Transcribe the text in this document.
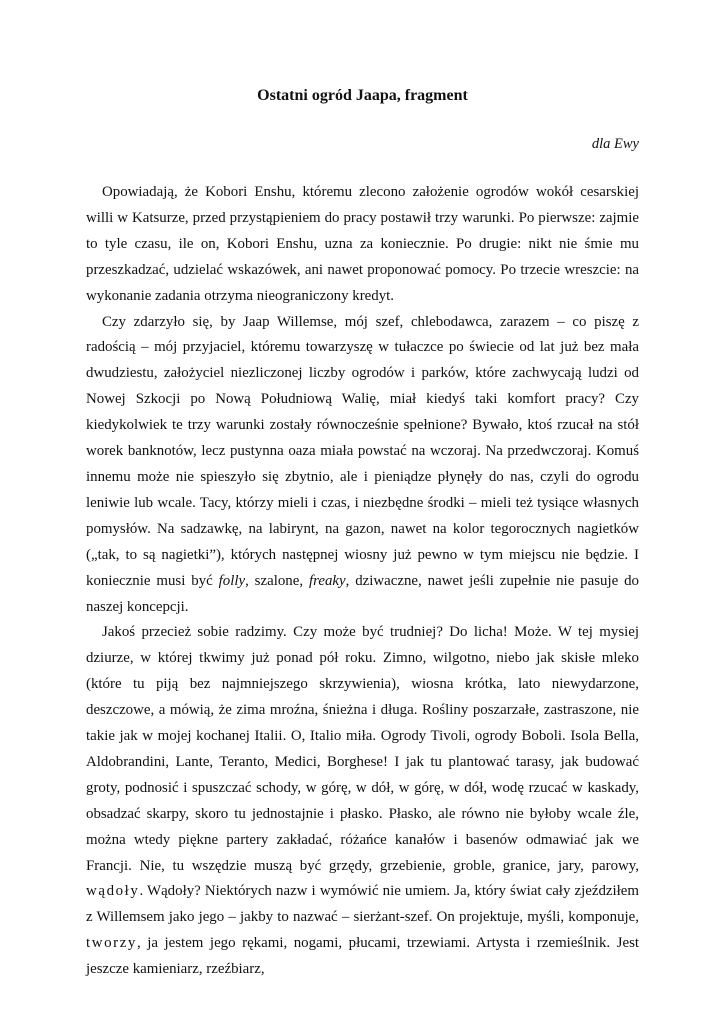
Ostatni ogród Jaapa, fragment

dla Ewy

Opowiadają, że Kobori Enshu, któremu zlecono założenie ogrodów wokół cesarskiej willi w Katsurze, przed przystąpieniem do pracy postawił trzy warunki. Po pierwsze: zajmie to tyle czasu, ile on, Kobori Enshu, uzna za koniecznie. Po drugie: nikt nie śmie mu przeszkadzać, udzielać wskazówek, ani nawet proponować pomocy. Po trzecie wreszcie: na wykonanie zadania otrzyma nieograniczony kredyt.

Czy zdarzyło się, by Jaap Willemse, mój szef, chlebodawca, zarazem – co piszę z radością – mój przyjaciel, któremu towarzyszę w tułaczce po świecie od lat już bez mała dwudziestu, założyciel niezliczonej liczby ogrodów i parków, które zachwycają ludzi od Nowej Szkocji po Nową Południową Walię, miał kiedyś taki komfort pracy? Czy kiedykolwiek te trzy warunki zostały równocześnie spełnione? Bywało, ktoś rzucał na stół worek banknotów, lecz pustynna oaza miała powstać na wczoraj. Na przedwczoraj. Komuś innemu może nie spieszyło się zbytnio, ale i pieniądze płynęły do nas, czyli do ogrodu leniwie lub wcale. Tacy, którzy mieli i czas, i niezbędne środki – mieli też tysiące własnych pomysłów. Na sadzawkę, na labirynt, na gazon, nawet na kolor tegorocznych nagietków („tak, to są nagietki”), których następnej wiosny już pewno w tym miejscu nie będzie. I koniecznie musi być folly, szalone, freaky, dziwaczne, nawet jeśli zupełnie nie pasuje do naszej koncepcji.

Jakoś przecież sobie radzimy. Czy może być trudniej? Do licha! Może. W tej mysiej dziurze, w której tkwimy już ponad pół roku. Zimno, wilgotno, niebo jak skisłe mleko (które tu piją bez najmniejszego skrzywienia), wiosna krótka, lato niewydarzone, deszczowe, a mówią, że zima mroźna, śnieżna i długa. Rośliny poszarzałe, zastraszone, nie takie jak w mojej kochanej Italii. O, Italio miła. Ogrody Tivoli, ogrody Boboli. Isola Bella, Aldobrandini, Lante, Teranto, Medici, Borghese! I jak tu plantować tarasy, jak budować groty, podnosić i spuszczać schody, w górę, w dół, w górę, w dół, wodę rzucać w kaskady, obsadzać skarpy, skoro tu jednostajnie i płasko. Płasko, ale równo nie byłoby wcale źle, można wtedy piękne partery zakładać, różańce kanałów i basenów odmawiać jak we Francji. Nie, tu wszędzie muszą być grzędy, grzebienie, groble, granice, jary, parowy, wądoły. Wądoły? Niektórych nazw i wymówić nie umiem. Ja, który świat cały zjeździłem z Willemsem jako jego – jakby to nazwać – sierżant-szef. On projektuje, myśli, komponuje, tworzy, ja jestem jego rękami, nogami, płucami, trzewiami. Artysta i rzemieślnik. Jest jeszcze kamieniarz, rzeźbiarz,
